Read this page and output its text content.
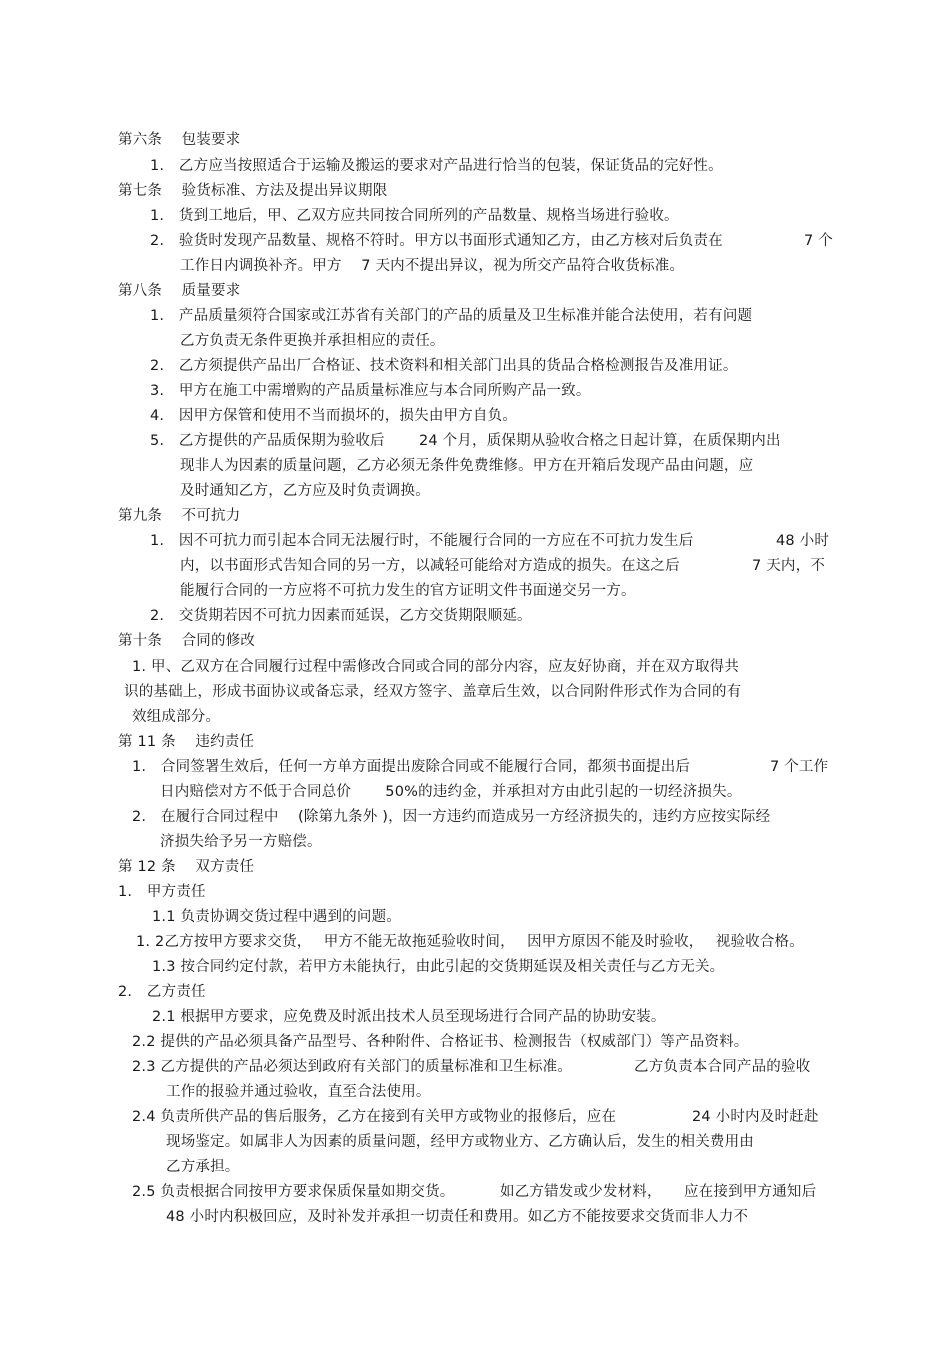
第六条　 包装要求
1.　乙方应当按照适合于运输及搬运的要求对产品进行恰当的包装，保证货品的完好性。
第七条　 验货标准、方法及提出异议期限
1.　货到工地后，甲、乙双方应共同按合同所列的产品数量、规格当场进行验收。
2.　验货时发现产品数量、规格不符时。甲方以书面形式通知乙方，由乙方核对后负责在	7 个
工作日内调换补齐。甲方　 7 天内不提出异议，视为所交产品符合收货标准。
第八条　 质量要求
1.　产品质量须符合国家或江苏省有关部门的产品的质量及卫生标准并能合法使用，若有问题
乙方负责无条件更换并承担相应的责任。
2.　乙方须提供产品出厂合格证、技术资料和相关部门出具的货品合格检测报告及准用证。
3.　甲方在施工中需增购的产品质量标准应与本合同所购产品一致。
4.　因甲方保管和使用不当而损坏的，损失由甲方自负。
5.　乙方提供的产品质保期为验收后　　 24 个月，质保期从验收合格之日起计算，在质保期内出
现非人为因素的质量问题，乙方必须无条件免费维修。甲方在开箱后发现产品由问题，应
及时通知乙方，乙方应及时负责调换。
第九条　 不可抗力
1.　因不可抗力而引起本合同无法履行时，不能履行合同的一方应在不可抗力发生后	48 小时
内，以书面形式告知合同的另一方，以减轻可能给对方造成的损失。在这之后	7 天内，不
能履行合同的一方应将不可抗力发生的官方证明文件书面递交另一方。
2.　交货期若因不可抗力因素而延误，乙方交货期限顺延。
第十条　 合同的修改
1. 甲、乙双方在合同履行过程中需修改合同或合同的部分内容，应友好协商，并在双方取得共
识的基础上，形成书面协议或备忘录，经双方签字、盖章后生效，以合同附件形式作为合同的有
效组成部分。
第 11 条　 违约责任
1.　合同签署生效后，任何一方单方面提出废除合同或不能履行合同，都须书面提出后	7 个工作
日内赔偿对方不低于合同总价　　 50%的违约金，并承担对方由此引起的一切经济损失。
2.　在履行合同过程中　 (除第九条外 )，因一方违约而造成另一方经济损失的，违约方应按实际经
济损失给予另一方赔偿。
第 12 条　 双方责任
1.　甲方责任
1.1 负责协调交货过程中遇到的问题。
1. 2乙方按甲方要求交货，　 甲方不能无故拖延验收时间，　 因甲方原因不能及时验收，　 视验收合格。
1.3 按合同约定付款，若甲方未能执行，由此引起的交货期延误及相关责任与乙方无关。
2.　乙方责任
2.1 根据甲方要求，应免费及时派出技术人员至现场进行合同产品的协助安装。
2.2 提供的产品必须具备产品型号、各种附件、合格证书、检测报告（权威部门）等产品资料。
2.3 乙方提供的产品必须达到政府有关部门的质量标准和卫生标准。	乙方负责本合同产品的验收
工作的报验并通过验收，直至合法使用。
2.4 负责所供产品的售后服务，乙方在接到有关甲方或物业的报修后，应在	24 小时内及时赶赴
现场鉴定。如属非人为因素的质量问题，经甲方或物业方、乙方确认后，发生的相关费用由
乙方承担。
2.5 负责根据合同按甲方要求保质保量如期交货。	如乙方错发或少发材料， 应在接到甲方通知后
48 小时内积极回应，及时补发并承担一切责任和费用。如乙方不能按要求交货而非人力不
